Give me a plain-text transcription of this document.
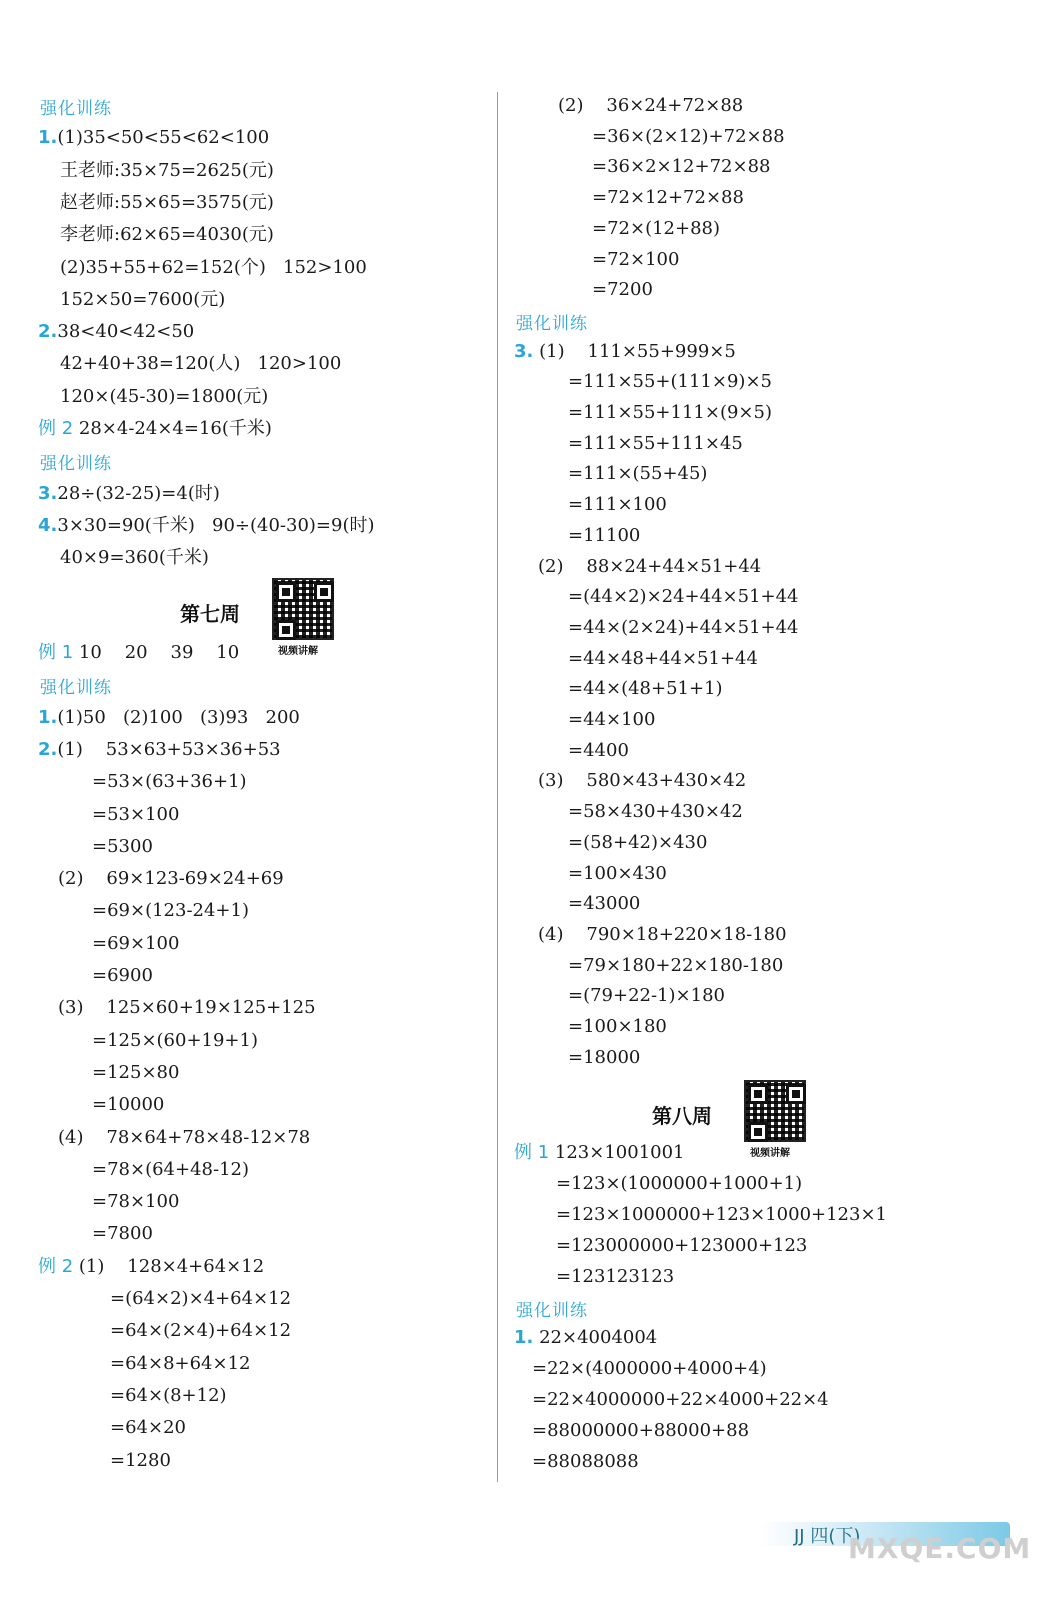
强化训练
1.(1)35<50<55<62<100
王老师:35×75=2625(元)
赵老师:55×65=3575(元)
李老师:62×65=4030(元)
(2)35+55+62=152(个)   152>100
152×50=7600(元)
2.38<40<42<50
42+40+38=120(人)   120>100
120×(45-30)=1800(元)
例 2 28×4-24×4=16(千米)
强化训练
3.28÷(32-25)=4(时)
4.3×30=90(千米)   90÷(40-30)=9(时)
40×9=360(千米)
第七周
视频讲解
例 1 10    20    39    10
强化训练
1.(1)50   (2)100   (3)93   200
2.(1)    53×63+53×36+53
=53×(63+36+1)
=53×100
=5300
(2)    69×123-69×24+69
=69×(123-24+1)
=69×100
=6900
(3)    125×60+19×125+125
=125×(60+19+1)
=125×80
=10000
(4)    78×64+78×48-12×78
=78×(64+48-12)
=78×100
=7800
例 2 (1)    128×4+64×12
=(64×2)×4+64×12
=64×(2×4)+64×12
=64×8+64×12
=64×(8+12)
=64×20
=1280
(2)    36×24+72×88
=36×(2×12)+72×88
=36×2×12+72×88
=72×12+72×88
=72×(12+88)
=72×100
=7200
强化训练
3. (1)    111×55+999×5
=111×55+(111×9)×5
=111×55+111×(9×5)
=111×55+111×45
=111×(55+45)
=111×100
=11100
(2)    88×24+44×51+44
=(44×2)×24+44×51+44
=44×(2×24)+44×51+44
=44×48+44×51+44
=44×(48+51+1)
=44×100
=4400
(3)    580×43+430×42
=58×430+430×42
=(58+42)×430
=100×430
=43000
(4)    790×18+220×18-180
=79×180+22×180-180
=(79+22-1)×180
=100×180
=18000
第八周
视频讲解
例 1 123×1001001
=123×(1000000+1000+1)
=123×1000000+123×1000+123×1
=123000000+123000+123
=123123123
强化训练
1. 22×4004004
=22×(4000000+4000+4)
=22×4000000+22×4000+22×4
=88000000+88000+88
=88088088
JJ 四(下)
MXQE.COM
